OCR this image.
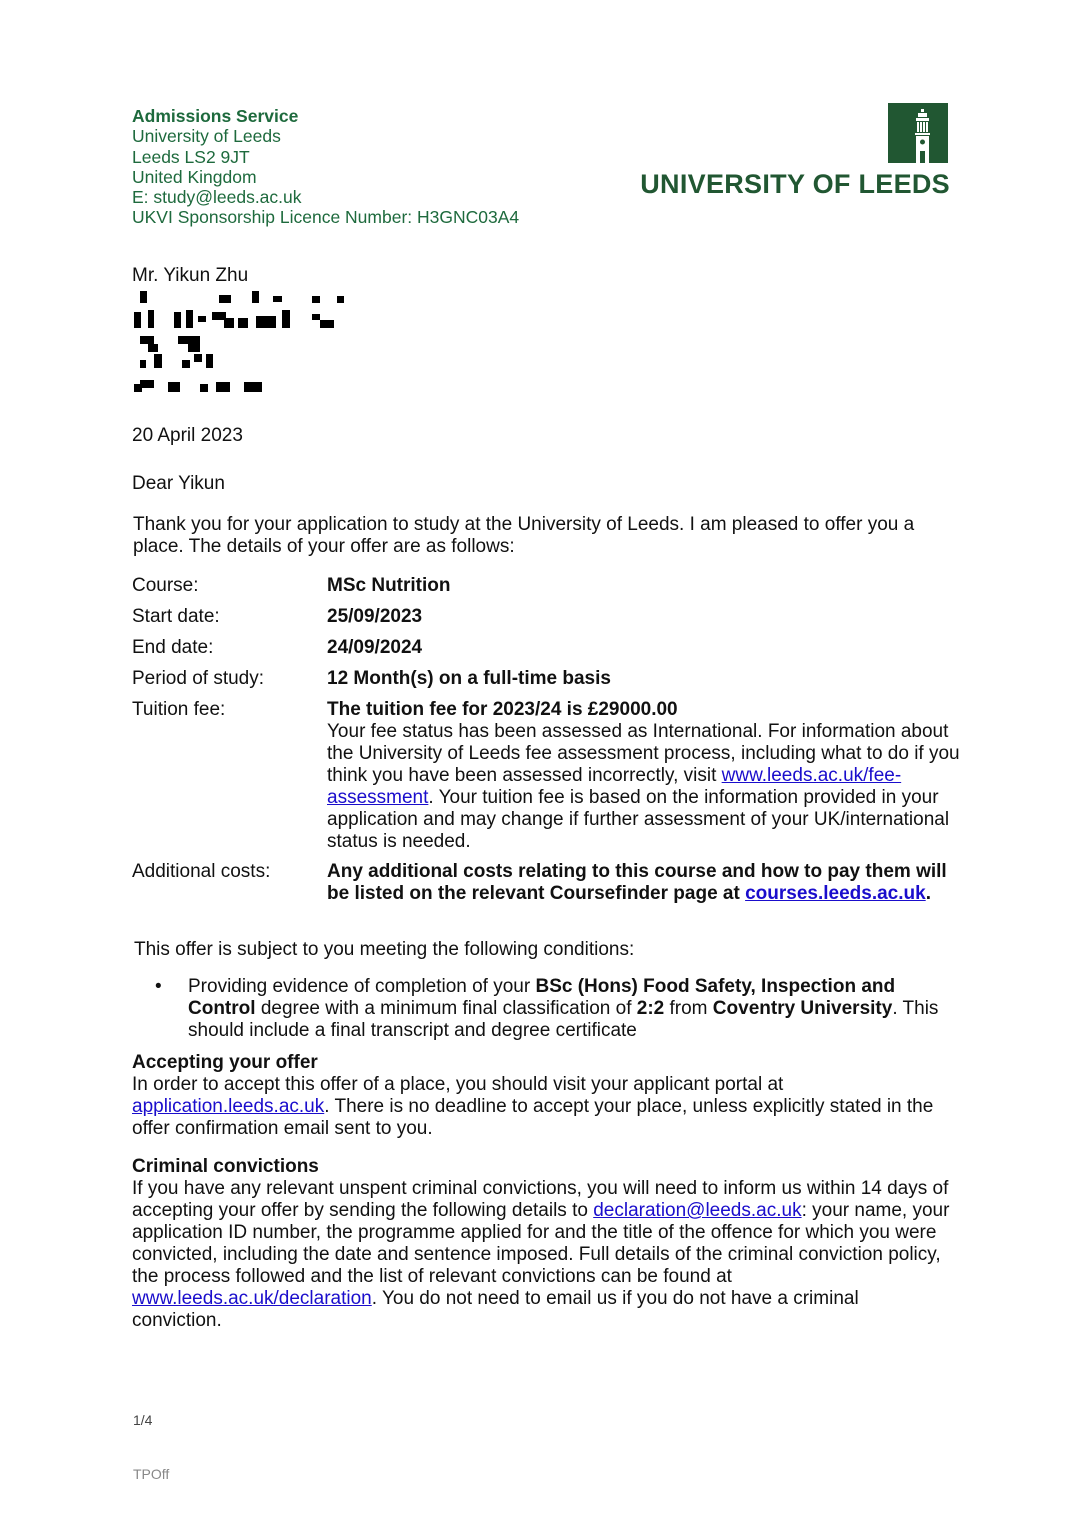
Admissions Service
University of Leeds
Leeds LS2 9JT
United Kingdom
E: study@leeds.ac.uk
UKVI Sponsorship Licence Number: H3GNC03A4
UNIVERSITY OF LEEDS
Mr. Yikun Zhu
20 April 2023
Dear Yikun
Thank you for your application to study at the University of Leeds. I am pleased to offer you a place. The details of your offer are as follows:
Course:	MSc Nutrition
Start date:	25/09/2023
End date:	24/09/2024
Period of study:	12 Month(s) on a full-time basis
Tuition fee:	The tuition fee for 2023/24 is £29000.00
Your fee status has been assessed as International. For information about the University of Leeds fee assessment process, including what to do if you think you have been assessed incorrectly, visit www.leeds.ac.uk/fee-assessment. Your tuition fee is based on the information provided in your application and may change if further assessment of your UK/international status is needed.
Additional costs:	Any additional costs relating to this course and how to pay them will be listed on the relevant Coursefinder page at courses.leeds.ac.uk.
This offer is subject to you meeting the following conditions:
• Providing evidence of completion of your BSc (Hons) Food Safety, Inspection and Control degree with a minimum final classification of 2:2 from Coventry University. This should include a final transcript and degree certificate
Accepting your offer
In order to accept this offer of a place, you should visit your applicant portal at application.leeds.ac.uk. There is no deadline to accept your place, unless explicitly stated in the offer confirmation email sent to you.
Criminal convictions
If you have any relevant unspent criminal convictions, you will need to inform us within 14 days of accepting your offer by sending the following details to declaration@leeds.ac.uk: your name, your application ID number, the programme applied for and the title of the offence for which you were convicted, including the date and sentence imposed. Full details of the criminal conviction policy, the process followed and the list of relevant convictions can be found at www.leeds.ac.uk/declaration. You do not need to email us if you do not have a criminal conviction.
1/4
TPOff
